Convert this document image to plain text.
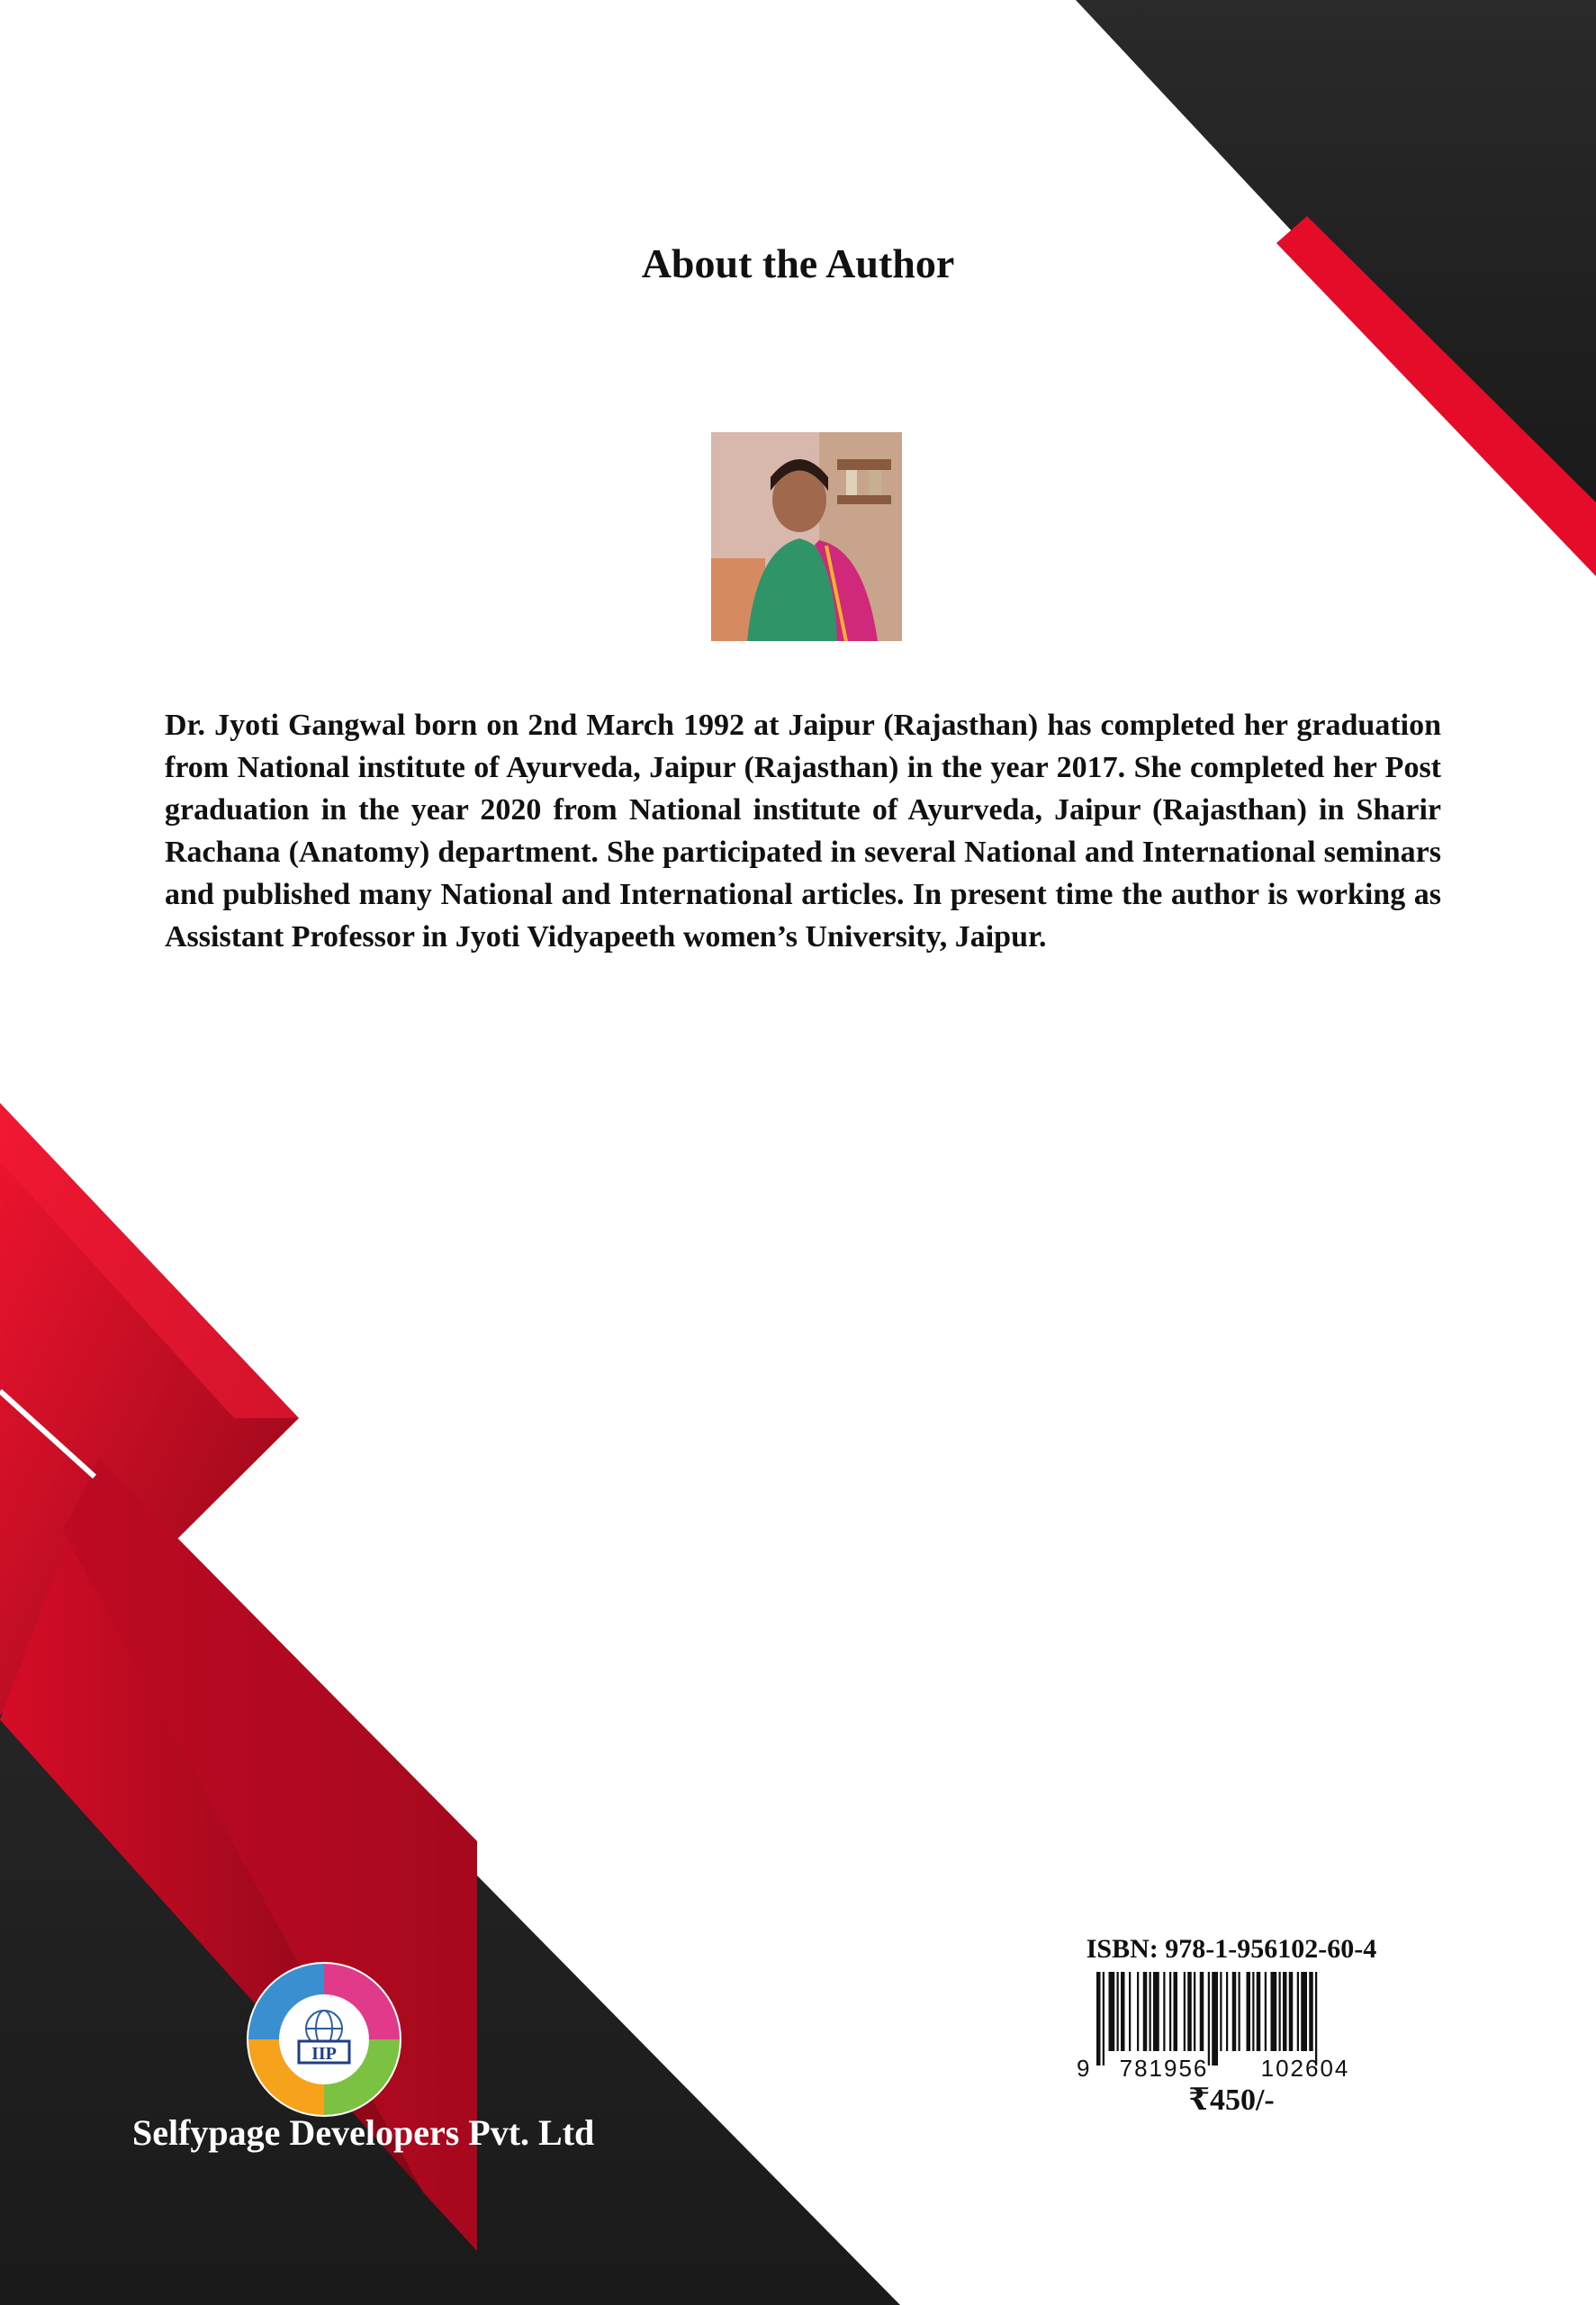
About the Author

Dr. Jyoti Gangwal born on 2nd March 1992 at Jaipur (Rajasthan) has completed her graduation from National institute of Ayurveda, Jaipur (Rajasthan) in the year 2017. She completed her Post graduation in the year 2020 from National institute of Ayurveda, Jaipur (Rajasthan) in Sharir Rachana (Anatomy) department. She participated in several National and International seminars and published many National and International articles. In present time the author is working as Assistant Professor in Jyoti Vidyapeeth women’s University, Jaipur.

IIP
Selfypage Developers Pvt. Ltd
ISBN: 978-1-956102-60-4
9 781956 102604
₹450/-
